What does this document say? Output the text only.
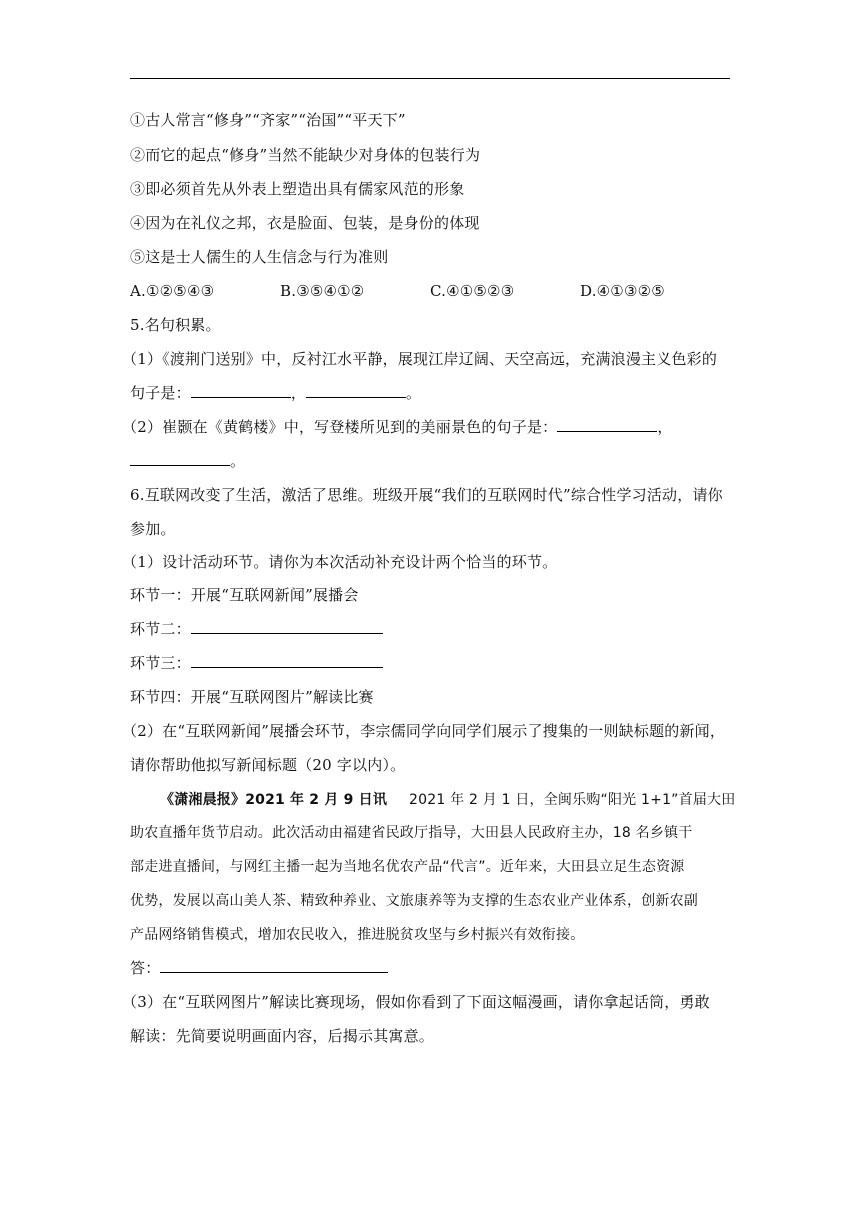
①古人常言“修身”“齐家”“治国”“平天下”
②而它的起点“修身”当然不能缺少对身体的包装行为
③即必须首先从外表上塑造出具有儒家风范的形象
④因为在礼仪之邦，衣是脸面、包装，是身份的体现
⑤这是士人儒生的人生信念与行为准则
A.①②⑤④③	B.③⑤④①②	C.④①⑤②③	D.④①③②⑤
5.名句积累。
（1）《渡荆门送别》中，反衬江水平静，展现江岸辽阔、天空高远，充满浪漫主义色彩的
句子是：	，	。
（2）崔颢在《黄鹤楼》中，写登楼所见到的美丽景色的句子是：	，
。
6.互联网改变了生活，激活了思维。班级开展“我们的互联网时代”综合性学习活动，请你
参加。
（1）设计活动环节。请你为本次活动补充设计两个恰当的环节。
环节一：开展“互联网新闻”展播会
环节二：
环节三：
环节四：开展“互联网图片”解读比赛
（2）在“互联网新闻”展播会环节，李宗儒同学向同学们展示了搜集的一则缺标题的新闻，
请你帮助他拟写新闻标题（20 字以内）。
《潇湘晨报》2021 年 2 月 9 日讯 2021 年 2 月 1 日，全闽乐购“阳光 1+1”首届大田
助农直播年货节启动。此次活动由福建省民政厅指导，大田县人民政府主办，18 名乡镇干
部走进直播间，与网红主播一起为当地名优农产品“代言”。近年来，大田县立足生态资源
优势，发展以高山美人茶、精致种养业、文旅康养等为支撑的生态农业产业体系，创新农副
产品网络销售模式，增加农民收入，推进脱贫攻坚与乡村振兴有效衔接。
答：
（3）在“互联网图片”解读比赛现场，假如你看到了下面这幅漫画，请你拿起话筒，勇敢
解读：先简要说明画面内容，后揭示其寓意。
